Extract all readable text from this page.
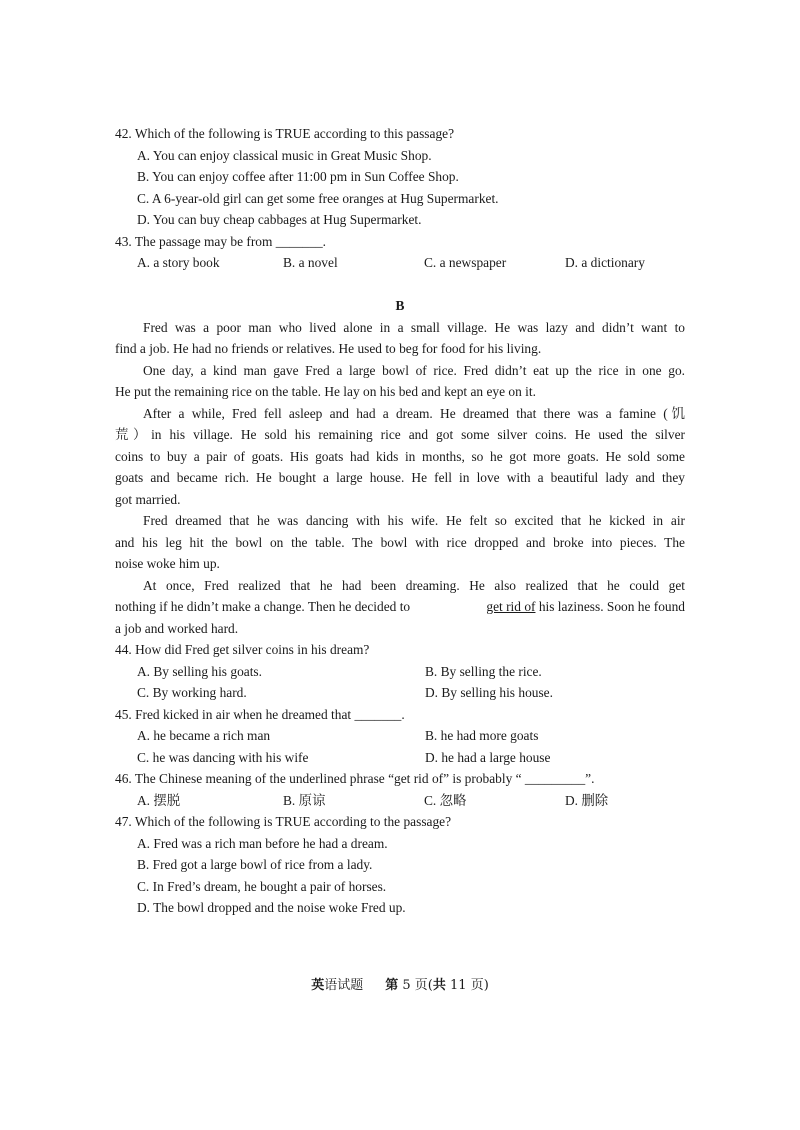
42. Which of the following is TRUE according to this passage?
A. You can enjoy classical music in Great Music Shop.
B. You can enjoy coffee after 11:00 pm in Sun Coffee Shop.
C. A 6-year-old girl can get some free oranges at Hug Supermarket.
D. You can buy cheap cabbages at Hug Supermarket.
43. The passage may be from _______.
A. a story book	B. a novel	C. a newspaper	D. a dictionary
B
Fred was a poor man who lived alone in a small village. He was lazy and didn’t want to
find a job. He had no friends or relatives. He used to beg for food for his living.
One day, a kind man gave Fred a large bowl of rice. Fred didn’t eat up the rice in one go.
He put the remaining rice on the table. He lay on his bed and kept an eye on it.
After a while, Fred fell asleep and had a dream. He dreamed that there was a famine (饥
荒）in his village. He sold his remaining rice and got some silver coins. He used the silver
coins to buy a pair of goats. His goats had kids in months, so he got more goats. He sold some
goats and became rich. He bought a large house. He fell in love with a beautiful lady and they
got married.
Fred dreamed that he was dancing with his wife. He felt so excited that he kicked in air
and his leg hit the bowl on the table. The bowl with rice dropped and broke into pieces. The
noise woke him up.
At once, Fred realized that he had been dreaming. He also realized that he could get
nothing if he didn’t make a change. Then he decided to	get rid of his laziness. Soon he found
a job and worked hard.
44. How did Fred get silver coins in his dream?
A. By selling his goats.	B. By selling the rice.
C. By working hard.	D. By selling his house.
45. Fred kicked in air when he dreamed that _______.
A. he became a rich man	B. he had more goats
C. he was dancing with his wife	D. he had a large house
46. The Chinese meaning of the underlined phrase “get rid of” is probably “ _________”.
A. 摆脱	B. 原谅	C. 忽略	D. 删除
47. Which of the following is TRUE according to the passage?
A. Fred was a rich man before he had a dream.
B. Fred got a large bowl of rice from a lady.
C. In Fred’s dream, he bought a pair of horses.
D. The bowl dropped and the noise woke Fred up.
英语试题 第 5 页(共 11 页)
